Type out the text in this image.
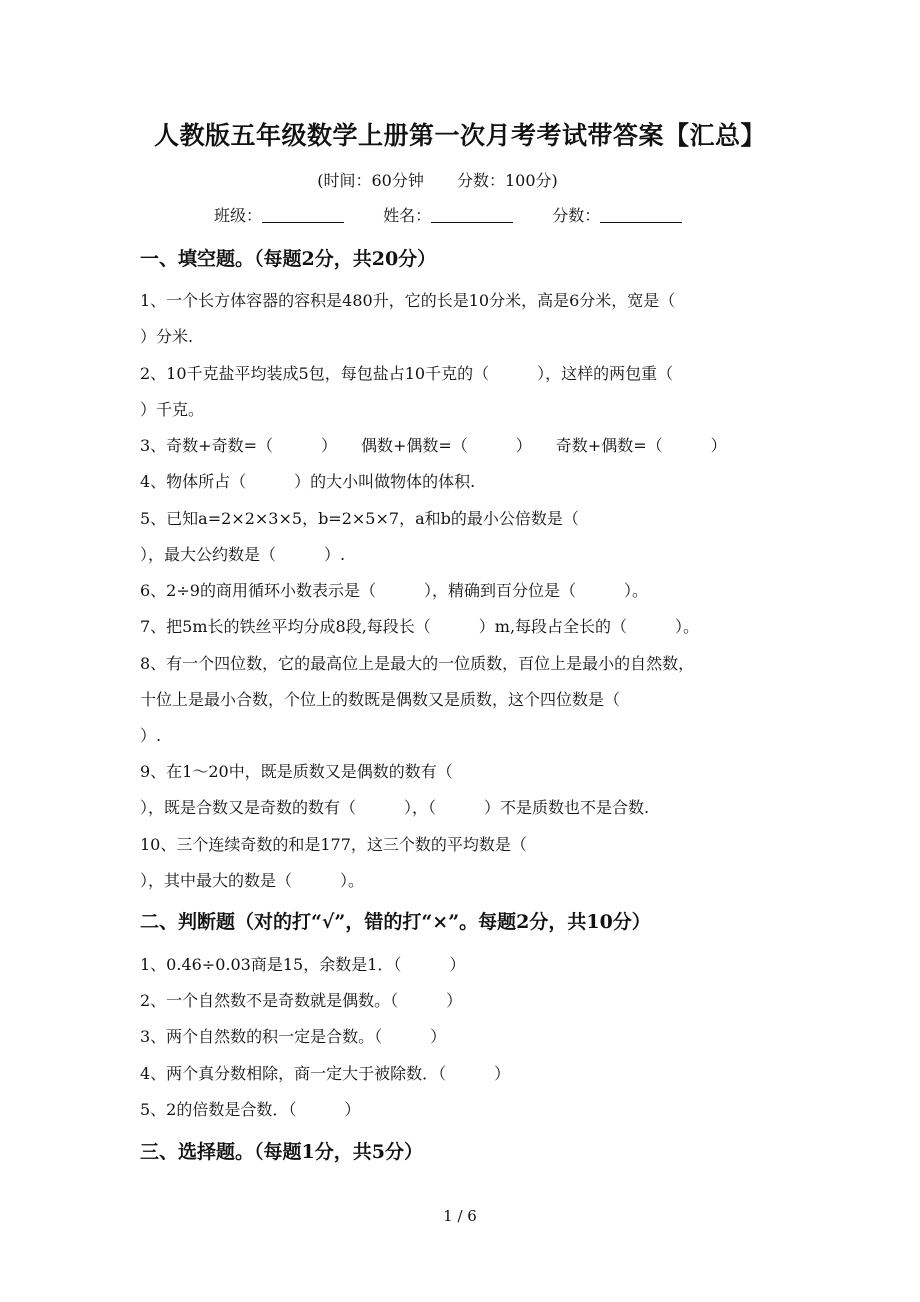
人教版五年级数学上册第一次月考考试带答案【汇总】
(时间：60分钟 分数：100分)
班级：	姓名：	分数：
一、填空题。（每题2分，共20分）
1、一个长方体容器的容积是480升，它的长是10分米，高是6分米，宽是（
）分米.
2、10千克盐平均装成5包，每包盐占10千克的（　　　），这样的两包重（
）千克。
3、奇数+奇数=（　　　）　　偶数+偶数=（　　　）　　奇数+偶数=（　　　）
4、物体所占（　　　）的大小叫做物体的体积.
5、已知a=2×2×3×5，b=2×5×7，a和b的最小公倍数是（
），最大公约数是（　　　）.
6、2÷9的商用循环小数表示是（　　　），精确到百分位是（　　　）。
7、把5m长的铁丝平均分成8段,每段长（　　　）m,每段占全长的（　　　）。
8、有一个四位数，它的最高位上是最大的一位质数，百位上是最小的自然数，
十位上是最小合数，个位上的数既是偶数又是质数，这个四位数是（
）.
9、在1～20中，既是质数又是偶数的数有（
），既是合数又是奇数的数有（　　　），（　　　）不是质数也不是合数.
10、三个连续奇数的和是177，这三个数的平均数是（
），其中最大的数是（　　　）。
二、判断题（对的打“√”，错的打“×”。每题2分，共10分）
1、0.46÷0.03商是15，余数是1．（　　　）
2、一个自然数不是奇数就是偶数。（　　　）
3、两个自然数的积一定是合数。（　　　）
4、两个真分数相除，商一定大于被除数．（　　　）
5、2的倍数是合数．（　　　）
三、选择题。（每题1分，共5分）
1 / 6
